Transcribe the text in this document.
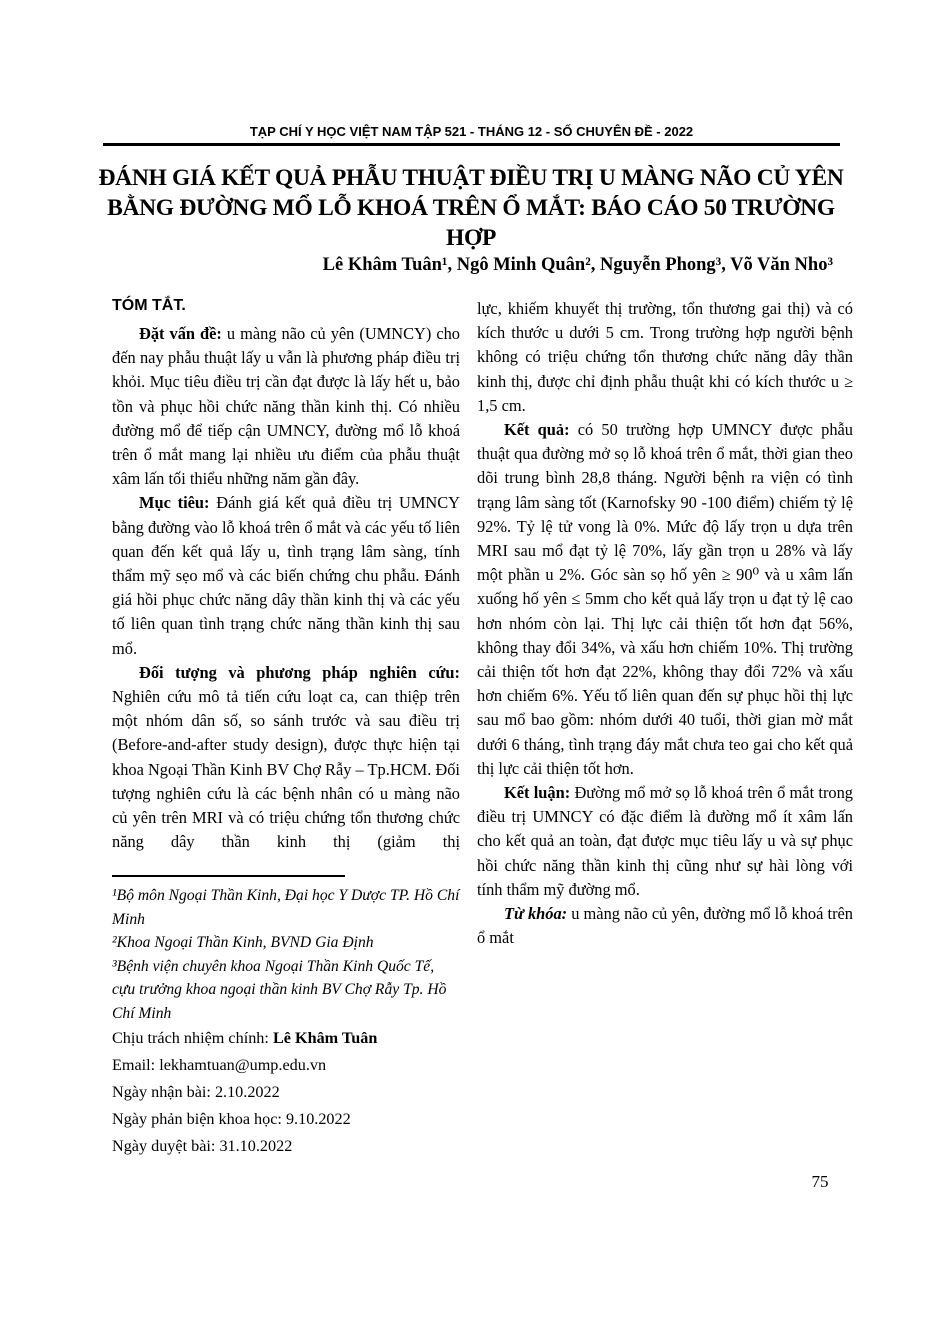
TẠP CHÍ Y HỌC VIỆT NAM TẬP 521 - THÁNG 12 - SỐ CHUYÊN ĐỀ - 2022
ĐÁNH GIÁ KẾT QUẢ PHẪU THUẬT ĐIỀU TRỊ U MÀNG NÃO CỦ YÊN
BẰNG ĐƯỜNG MỔ LỖ KHOÁ TRÊN Ổ MẮT: BÁO CÁO 50 TRƯỜNG HỢP
Lê Khâm Tuân¹, Ngô Minh Quân², Nguyễn Phong³, Võ Văn Nho³
TÓM TẮT.

Đặt vấn đề: u màng não củ yên (UMNCY) cho đến nay phẫu thuật lấy u vẫn là phương pháp điều trị khỏi. Mục tiêu điều trị cần đạt được là lấy hết u, bảo tồn và phục hồi chức năng thần kinh thị. Có nhiều đường mổ để tiếp cận UMNCY, đường mổ lỗ khoá trên ổ mắt mang lại nhiều ưu điểm của phẫu thuật xâm lấn tối thiểu những năm gần đây.

Mục tiêu: Đánh giá kết quả điều trị UMNCY bằng đường vào lỗ khoá trên ổ mắt và các yếu tố liên quan đến kết quả lấy u, tình trạng lâm sàng, tính thẩm mỹ sẹo mổ và các biến chứng chu phẫu. Đánh giá hồi phục chức năng dây thần kinh thị và các yếu tố liên quan tình trạng chức năng thần kinh thị sau mổ.

Đối tượng và phương pháp nghiên cứu: Nghiên cứu mô tả tiến cứu loạt ca, can thiệp trên một nhóm dân số, so sánh trước và sau điều trị (Before-and-after study design), được thực hiện tại khoa Ngoại Thần Kinh BV Chợ Rẫy – Tp.HCM. Đối tượng nghiên cứu là các bệnh nhân có u màng não củ yên trên MRI và có triệu chứng tổn thương chức năng dây thần kinh thị (giảm thị

¹Bộ môn Ngoại Thần Kinh, Đại học Y Dược TP. Hồ Chí Minh

²Khoa Ngoại Thần Kinh, BVND Gia Định

³Bệnh viện chuyên khoa Ngoại Thần Kinh Quốc Tế, cựu trưởng khoa ngoại thần kinh BV Chợ Rẫy Tp. Hồ Chí Minh

Chịu trách nhiệm chính: Lê Khâm Tuân

Email: lekhamtuan@ump.edu.vn

Ngày nhận bài: 2.10.2022

Ngày phản biện khoa học: 9.10.2022

Ngày duyệt bài: 31.10.2022

lực, khiếm khuyết thị trường, tổn thương gai thị) và có kích thước u dưới 5 cm. Trong trường hợp người bệnh không có triệu chứng tổn thương chức năng dây thần kinh thị, được chỉ định phẫu thuật khi có kích thước u ≥ 1,5 cm.

Kết quả: có 50 trường hợp UMNCY được phẫu thuật qua đường mở sọ lỗ khoá trên ổ mắt, thời gian theo dõi trung bình 28,8 tháng. Người bệnh ra viện có tình trạng lâm sàng tốt (Karnofsky 90 -100 điểm) chiếm tỷ lệ 92%. Tỷ lệ tử vong là 0%. Mức độ lấy trọn u dựa trên MRI sau mổ đạt tỷ lệ 70%, lấy gần trọn u 28% và lấy một phần u 2%. Góc sàn sọ hố yên ≥ 90⁰ và u xâm lấn xuống hố yên ≤ 5mm cho kết quả lấy trọn u đạt tỷ lệ cao hơn nhóm còn lại. Thị lực cải thiện tốt hơn đạt 56%, không thay đổi 34%, và xấu hơn chiếm 10%. Thị trường cải thiện tốt hơn đạt 22%, không thay đổi 72% và xấu hơn chiếm 6%. Yếu tố liên quan đến sự phục hồi thị lực sau mổ bao gồm: nhóm dưới 40 tuổi, thời gian mờ mắt dưới 6 tháng, tình trạng đáy mắt chưa teo gai cho kết quả thị lực cải thiện tốt hơn.

Kết luận: Đường mổ mở sọ lỗ khoá trên ổ mắt trong điều trị UMNCY có đặc điểm là đường mổ ít xâm lấn cho kết quả an toàn, đạt được mục tiêu lấy u và sự phục hồi chức năng thần kinh thị cũng như sự hài lòng với tính thẩm mỹ đường mổ.

Từ khóa: u màng não củ yên, đường mổ lỗ khoá trên ổ mắt

75
